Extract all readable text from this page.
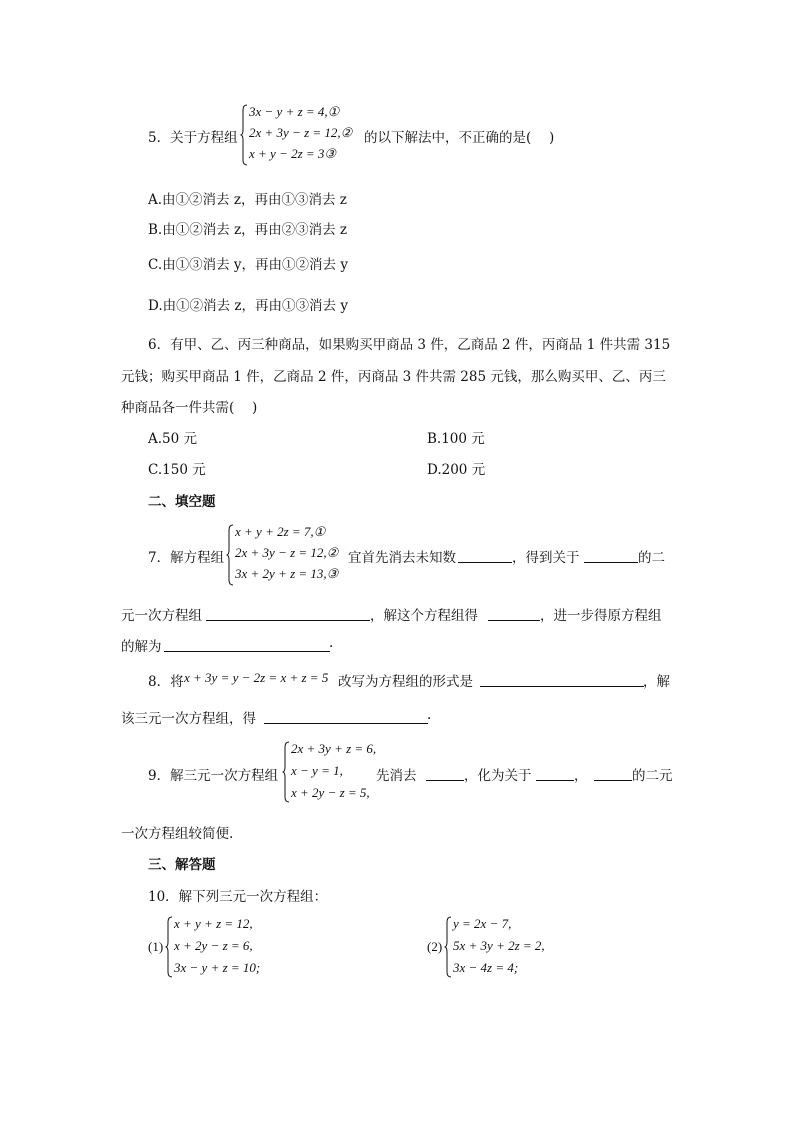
5．关于方程组
3x − y + z = 4,①
2x + 3y − z = 12,②
x + y − 2z = 3③
的以下解法中，不正确的是(　 )
A.由①②消去 z，再由①③消去 z
B.由①②消去 z，再由②③消去 z
C.由①③消去 y，再由①②消去 y
D.由①②消去 z，再由①③消去 y
6．有甲、乙、丙三种商品，如果购买甲商品 3 件，乙商品 2 件，丙商品 1 件共需 315
元钱；购买甲商品 1 件，乙商品 2 件，丙商品 3 件共需 285 元钱，那么购买甲、乙、丙三
种商品各一件共需(　 )
A.50 元	B.100 元
C.150 元	D.200 元
二、填空题
7．解方程组
x + y + 2z = 7,①
2x + 3y − z = 12,②
3x + 2y + z = 13,③
宜首先消去未知数	，得到关于	的二
元一次方程组	，解这个方程组得	，进一步得原方程组
的解为	.
8．将 x + 3y = y − 2z = x + z = 5 改写为方程组的形式是	，解
该三元一次方程组，得	.
9．解三元一次方程组
2x + 3y + z = 6,
x − y = 1,
x + 2y − z = 5,
先消去	，化为关于	，	的二元
一次方程组较简便.
三、解答题
10．解下列三元一次方程组：
(1)
x + y + z = 12,
x + 2y − z = 6,
3x − y + z = 10;
(2)
y = 2x − 7,
5x + 3y + 2z = 2,
3x − 4z = 4;
